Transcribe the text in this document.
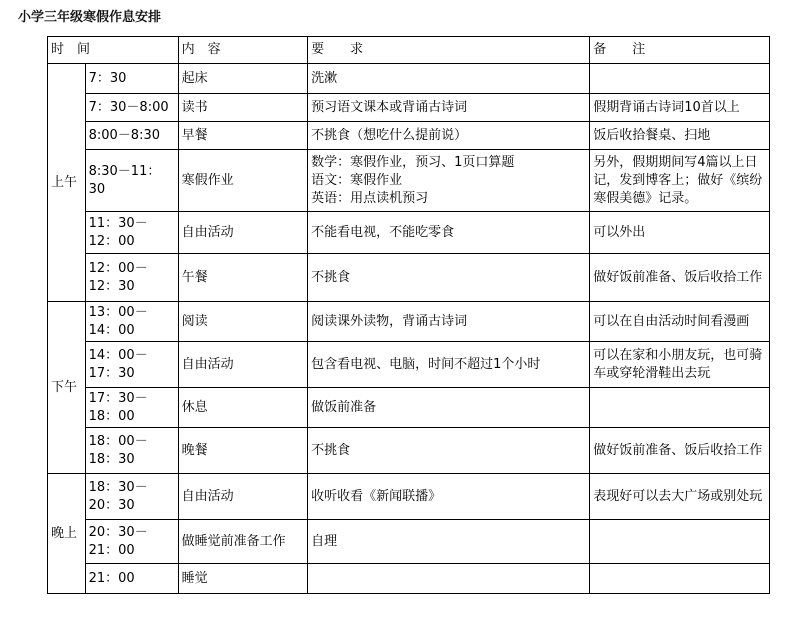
小学三年级寒假作息安排
时　间		内　容	要　　求	备　　注
上午	7：30	起床	洗漱	
	7：30－8:00	读书	预习语文课本或背诵古诗词	假期背诵古诗词10首以上
	8:00－8:30	早餐	不挑食（想吃什么提前说）	饭后收拾餐桌、扫地
	8:30－11：30	寒假作业	数学：寒假作业，预习、1页口算题
语文：寒假作业
英语：用点读机预习	另外，假期期间写4篇以上日记，发到博客上；做好《缤纷寒假美德》记录。
	11：30－12：00	自由活动	不能看电视，不能吃零食	可以外出
	12：00－12：30	午餐	不挑食	做好饭前准备、饭后收拾工作
下午	13：00－14：00	阅读	阅读课外读物，背诵古诗词	可以在自由活动时间看漫画
	14：00－17：30	自由活动	包含看电视、电脑，时间不超过1个小时	可以在家和小朋友玩，也可骑车或穿轮滑鞋出去玩
	17：30－18：00	休息	做饭前准备	
	18：00－18：30	晚餐	不挑食	做好饭前准备、饭后收拾工作
晚上	18：30－20：30	自由活动	收听收看《新闻联播》	表现好可以去大广场或别处玩
	20：30－21：00	做睡觉前准备工作	自理	
	21：00	睡觉		
